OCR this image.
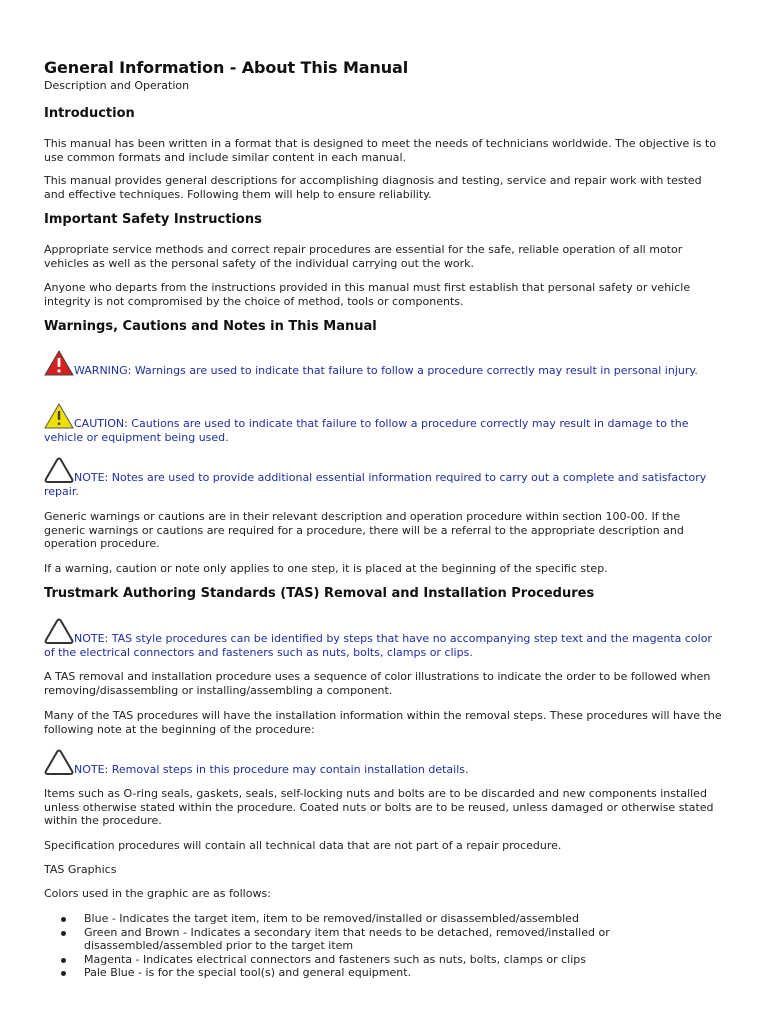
General Information - About This Manual
Description and Operation
Introduction

This manual has been written in a format that is designed to meet the needs of technicians worldwide. The objective is to use common formats and include similar content in each manual.

This manual provides general descriptions for accomplishing diagnosis and testing, service and repair work with tested and effective techniques. Following them will help to ensure reliability.

Important Safety Instructions

Appropriate service methods and correct repair procedures are essential for the safe, reliable operation of all motor vehicles as well as the personal safety of the individual carrying out the work.

Anyone who departs from the instructions provided in this manual must first establish that personal safety or vehicle integrity is not compromised by the choice of method, tools or components.

Warnings, Cautions and Notes in This Manual
WARNING: Warnings are used to indicate that failure to follow a procedure correctly may result in personal injury.
CAUTION: Cautions are used to indicate that failure to follow a procedure correctly may result in damage to the vehicle or equipment being used.
NOTE: Notes are used to provide additional essential information required to carry out a complete and satisfactory repair.

Generic warnings or cautions are in their relevant description and operation procedure within section 100-00. If the generic warnings or cautions are required for a procedure, there will be a referral to the appropriate description and operation procedure.

If a warning, caution or note only applies to one step, it is placed at the beginning of the specific step.

Trustmark Authoring Standards (TAS) Removal and Installation Procedures
NOTE: TAS style procedures can be identified by steps that have no accompanying step text and the magenta color of the electrical connectors and fasteners such as nuts, bolts, clamps or clips.

A TAS removal and installation procedure uses a sequence of color illustrations to indicate the order to be followed when removing/disassembling or installing/assembling a component.

Many of the TAS procedures will have the installation information within the removal steps. These procedures will have the following note at the beginning of the procedure:

NOTE: Removal steps in this procedure may contain installation details.

Items such as O-ring seals, gaskets, seals, self-locking nuts and bolts are to be discarded and new components installed unless otherwise stated within the procedure. Coated nuts or bolts are to be reused, unless damaged or otherwise stated within the procedure.

Specification procedures will contain all technical data that are not part of a repair procedure.

TAS Graphics

Colors used in the graphic are as follows:

Blue - Indicates the target item, item to be removed/installed or disassembled/assembled
Green and Brown - Indicates a secondary item that needs to be detached, removed/installed or disassembled/assembled prior to the target item
Magenta - Indicates electrical connectors and fasteners such as nuts, bolts, clamps or clips
Pale Blue - is for the special tool(s) and general equipment.
